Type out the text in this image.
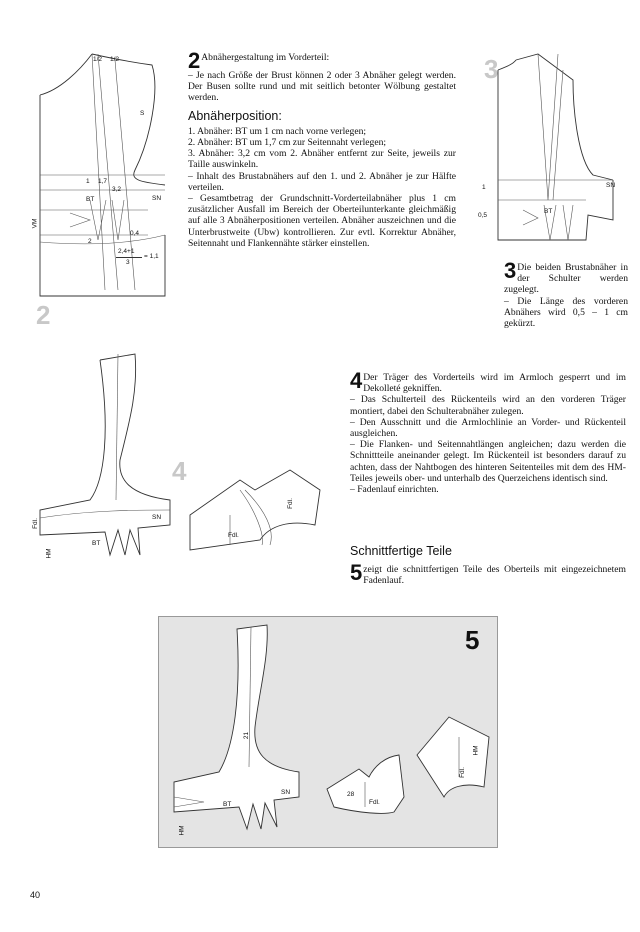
1/2 1/2
VM
SN
BT
1 1,7
3,2
0,4
2
2,4+1
3
= 1,1
S
2

2 Abnähergestaltung im Vorderteil:

– Je nach Größe der Brust können 2 oder 3 Abnäher gelegt werden. Der Busen sollte rund und mit seitlich betonter Wölbung gestaltet werden.

Abnäherposition:

1. Abnäher: BT um 1 cm nach vorne verlegen;

2. Abnäher: BT um 1,7 cm zur Seitennaht verlegen;

3. Abnäher: 3,2 cm vom 2. Abnäher entfernt zur Seite, jeweils zur Taille auswinkeln.

– Inhalt des Brustabnähers auf den 1. und 2. Abnäher je zur Hälfte verteilen.

– Gesamtbetrag der Grundschnitt-Vorderteilabnäher plus 1 cm zusätzlicher Ausfall im Bereich der Oberteilunterkante gleichmäßig auf alle 3 Abnäherpositionen verteilen. Abnäher auszeichnen und die Unterbrustweite (Ubw) kontrollieren. Zur evtl. Korrektur Abnäher, Seitennaht und Flankennähte stärker einstellen.

3
SN
BT
1
0,5

3 Die beiden Brustabnäher in der Schulter werden zugelegt.

– Die Länge des vorderen Abnähers wird 0,5 – 1 cm gekürzt.

Fdl.
HM
BT
SN
Fdl.
Fdl.
4

4 Der Träger des Vorderteils wird im Armloch gesperrt und im Dekolleté gekniffen.

– Das Schulterteil des Rückenteils wird an den vorderen Träger montiert, dabei den Schulterabnäher zulegen.

– Den Ausschnitt und die Armlochlinie an Vorder- und Rückenteil ausgleichen.

– Die Flanken- und Seitennahtlängen angleichen; dazu werden die Schnittteile aneinander gelegt. Im Rückenteil ist besonders darauf zu achten, dass der Nahtbogen des hinteren Seitenteiles mit dem des HM-Teiles jeweils ober- und unterhalb des Querzeichens identisch sind.

– Fadenlauf einrichten.

Schnittfertige Teile

5 zeigt die schnittfertigen Teile des Oberteils mit eingezeichnetem Fadenlauf.

5
21
BT
SN
HM
28
Fdl.
Fdl.
HM
40
